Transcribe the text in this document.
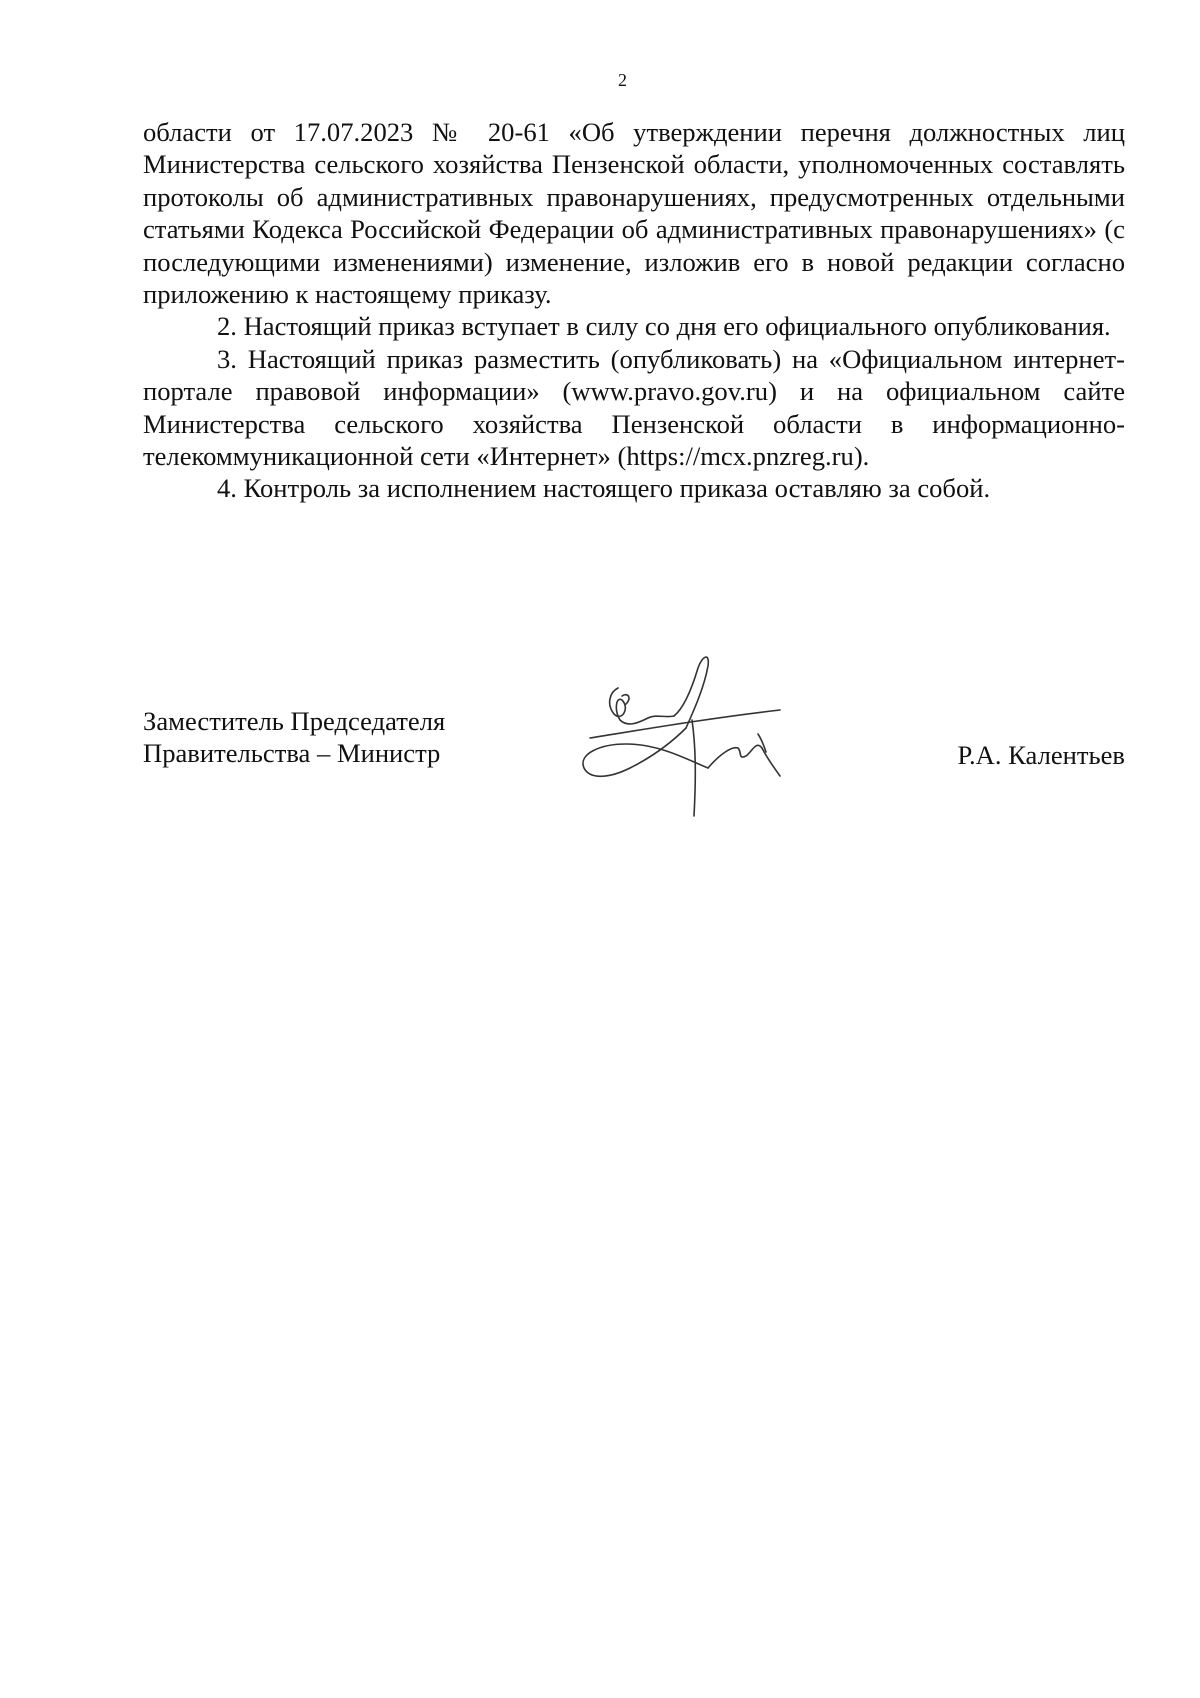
2

области от 17.07.2023 № 20-61 «Об утверждении перечня должностных лиц Министерства сельского хозяйства Пензенской области, уполномоченных составлять протоколы об административных правонарушениях, предусмотренных отдельными статьями Кодекса Российской Федерации об административных правонарушениях» (с последующими изменениями) изменение, изложив его в новой редакции согласно приложению к настоящему приказу.

2. Настоящий приказ вступает в силу со дня его официального опубликования.

3. Настоящий приказ разместить (опубликовать) на «Официальном интернет-портале правовой информации» (www.pravo.gov.ru) и на официальном сайте Министерства сельского хозяйства Пензенской области в информационно-телекоммуникационной сети «Интернет» (https://mcx.pnzreg.ru).

4. Контроль за исполнением настоящего приказа оставляю за собой.

Заместитель Председателя
Правительства – Министр	Р.А. Калентьев
